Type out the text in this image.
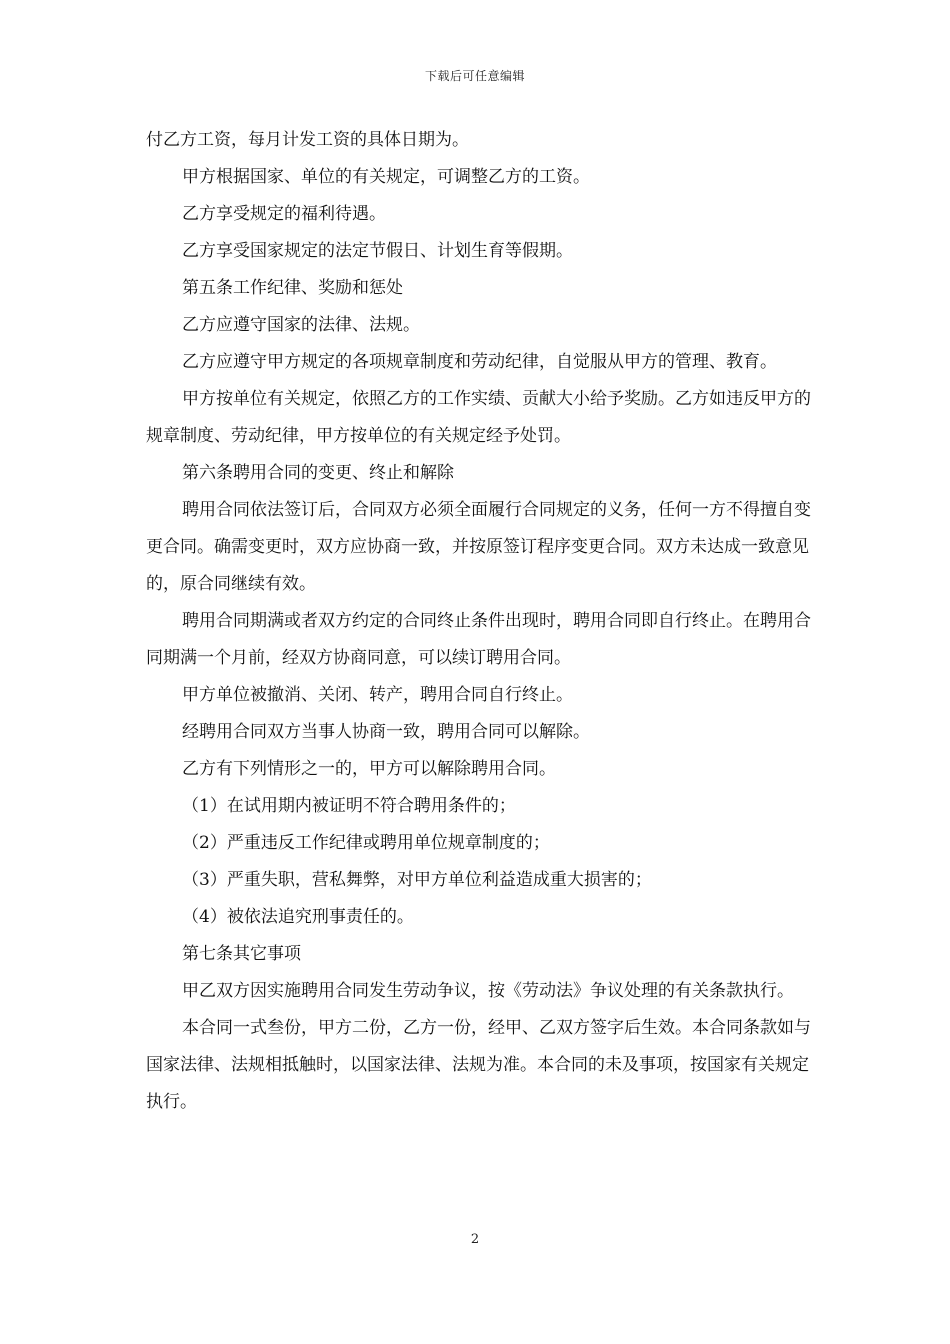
下载后可任意编辑

付乙方工资，每月计发工资的具体日期为。

甲方根据国家、单位的有关规定，可调整乙方的工资。

乙方享受规定的福利待遇。

乙方享受国家规定的法定节假日、计划生育等假期。

第五条工作纪律、奖励和惩处

乙方应遵守国家的法律、法规。

乙方应遵守甲方规定的各项规章制度和劳动纪律，自觉服从甲方的管理、教育。

甲方按单位有关规定，依照乙方的工作实绩、贡献大小给予奖励。乙方如违反甲方的规章制度、劳动纪律，甲方按单位的有关规定经予处罚。

第六条聘用合同的变更、终止和解除

聘用合同依法签订后，合同双方必须全面履行合同规定的义务，任何一方不得擅自变更合同。确需变更时，双方应协商一致，并按原签订程序变更合同。双方未达成一致意见的，原合同继续有效。

聘用合同期满或者双方约定的合同终止条件出现时，聘用合同即自行终止。在聘用合同期满一个月前，经双方协商同意，可以续订聘用合同。

甲方单位被撤消、关闭、转产，聘用合同自行终止。

经聘用合同双方当事人协商一致，聘用合同可以解除。

乙方有下列情形之一的，甲方可以解除聘用合同。

（1）在试用期内被证明不符合聘用条件的；

（2）严重违反工作纪律或聘用单位规章制度的；

（3）严重失职，营私舞弊，对甲方单位利益造成重大损害的；

（4）被依法追究刑事责任的。

第七条其它事项

甲乙双方因实施聘用合同发生劳动争议，按《劳动法》争议处理的有关条款执行。

本合同一式叁份，甲方二份，乙方一份，经甲、乙双方签字后生效。本合同条款如与国家法律、法规相抵触时，以国家法律、法规为准。本合同的未及事项，按国家有关规定执行。

2
